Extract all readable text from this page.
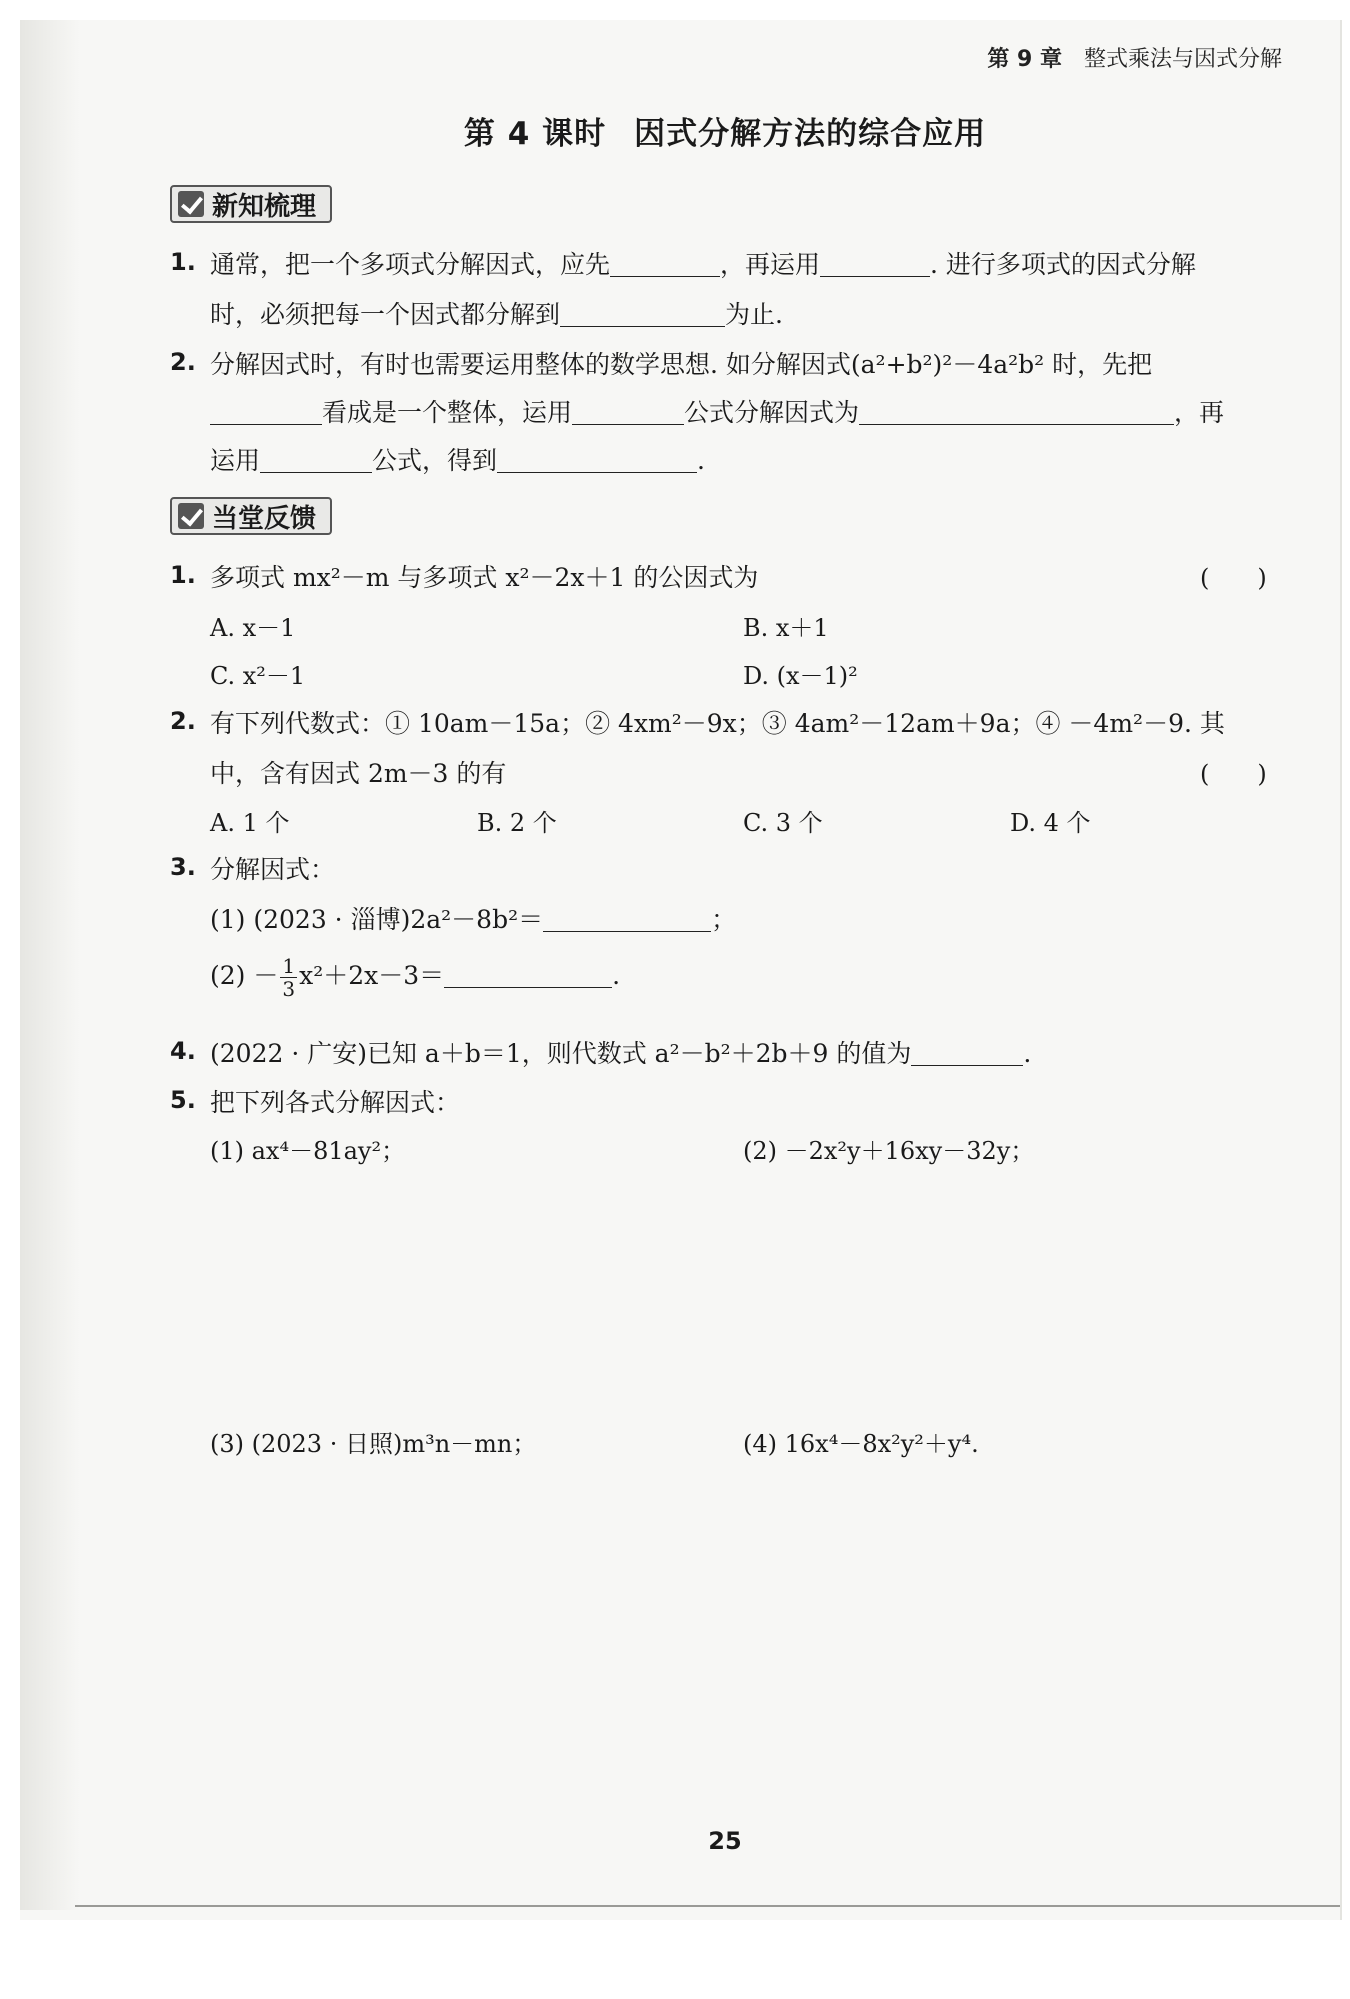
第 9 章 整式乘法与因式分解
第 4 课时 因式分解方法的综合应用
新知梳理
1. 通常，把一个多项式分解因式，应先	，再运用	. 进行多项式的因式分解
时，必须把每一个因式都分解到	为止.
2. 分解因式时，有时也需要运用整体的数学思想. 如分解因式(a²+b²)²－4a²b² 时，先把
看成是一个整体，运用	公式分解因式为	，再
运用	公式，得到	.
当堂反馈
1. 多项式 mx²－m 与多项式 x²－2x＋1 的公因式为	(　　)
A. x－1	B. x＋1
C. x²－1	D. (x－1)²
2. 有下列代数式：① 10am－15a；② 4xm²－9x；③ 4am²－12am＋9a；④ －4m²－9. 其
中，含有因式 2m－3 的有	(　　)
A. 1 个	B. 2 个	C. 3 个	D. 4 个
3. 分解因式：
(1) (2023 · 淄博)2a²－8b²＝	；
$(2) - \frac{1}{3} x^2+2x-3=$	.
4. (2022 · 广安)已知 a＋b＝1，则代数式 a²－b²＋2b＋9 的值为	.
5. 把下列各式分解因式：
(1) ax⁴－81ay²；	(2) －2x²y＋16xy－32y；
(3) (2023 · 日照)m³n－mn；	(4) 16x⁴－8x²y²＋y⁴.
25
